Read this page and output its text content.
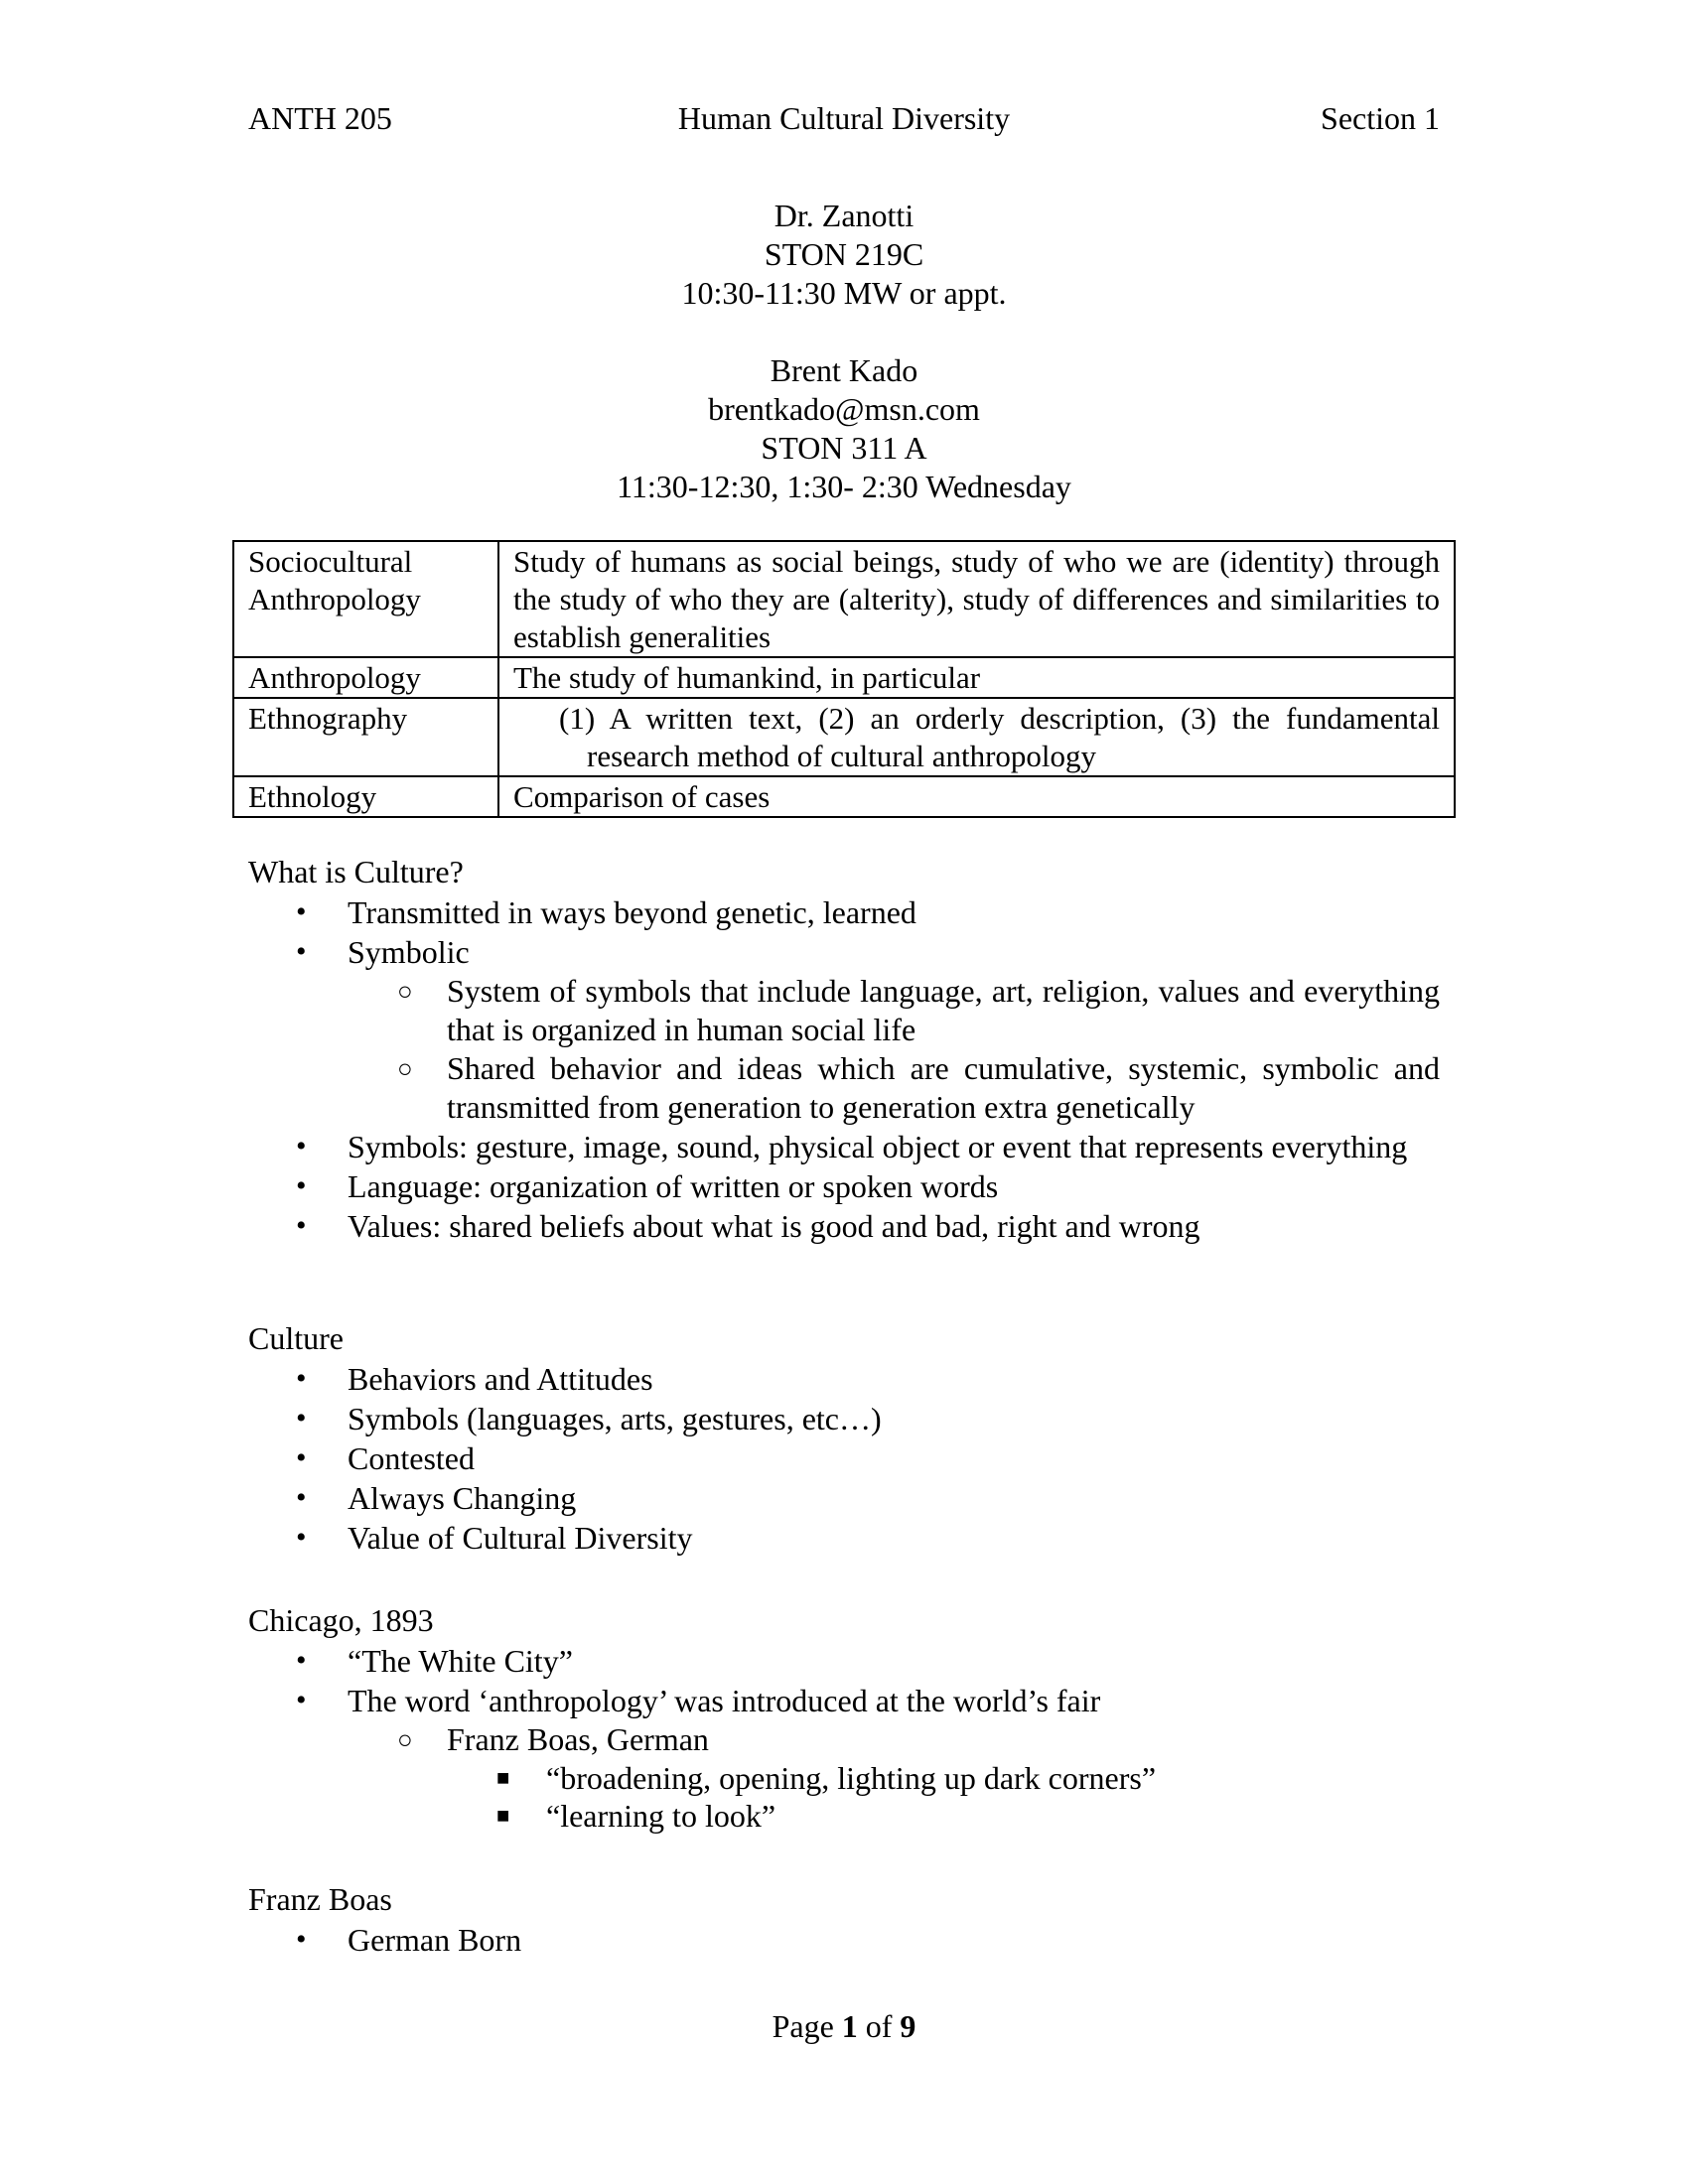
ANTH 205	Human Cultural Diversity	Section 1
Dr. Zanotti
STON 219C
10:30-11:30 MW or appt.
Brent Kado
brentkado@msn.com
STON 311 A
11:30-12:30, 1:30- 2:30 Wednesday
Sociocultural Anthropology	Study of humans as social beings, study of who we are (identity) through the study of who they are (alterity), study of differences and similarities to establish generalities
Anthropology	The study of humankind, in particular
Ethnography	(1) A written text, (2) an orderly description, (3) the fundamental research method of cultural anthropology

Ethnology	Comparison of cases
What is Culture?
• Transmitted in ways beyond genetic, learned
• Symbolic
○ System of symbols that include language, art, religion, values and everything that is organized in human social life
○ Shared behavior and ideas which are cumulative, systemic, symbolic and transmitted from generation to generation extra genetically
• Symbols: gesture, image, sound, physical object or event that represents everything
• Language: organization of written or spoken words
• Values: shared beliefs about what is good and bad, right and wrong
Culture
• Behaviors and Attitudes
• Symbols (languages, arts, gestures, etc…)
• Contested
• Always Changing
• Value of Cultural Diversity
Chicago, 1893
• “The White City”
• The word ‘anthropology’ was introduced at the world’s fair
○ Franz Boas, German
■ “broadening, opening, lighting up dark corners”
■ “learning to look”
Franz Boas
• German Born
Page 1 of 9
